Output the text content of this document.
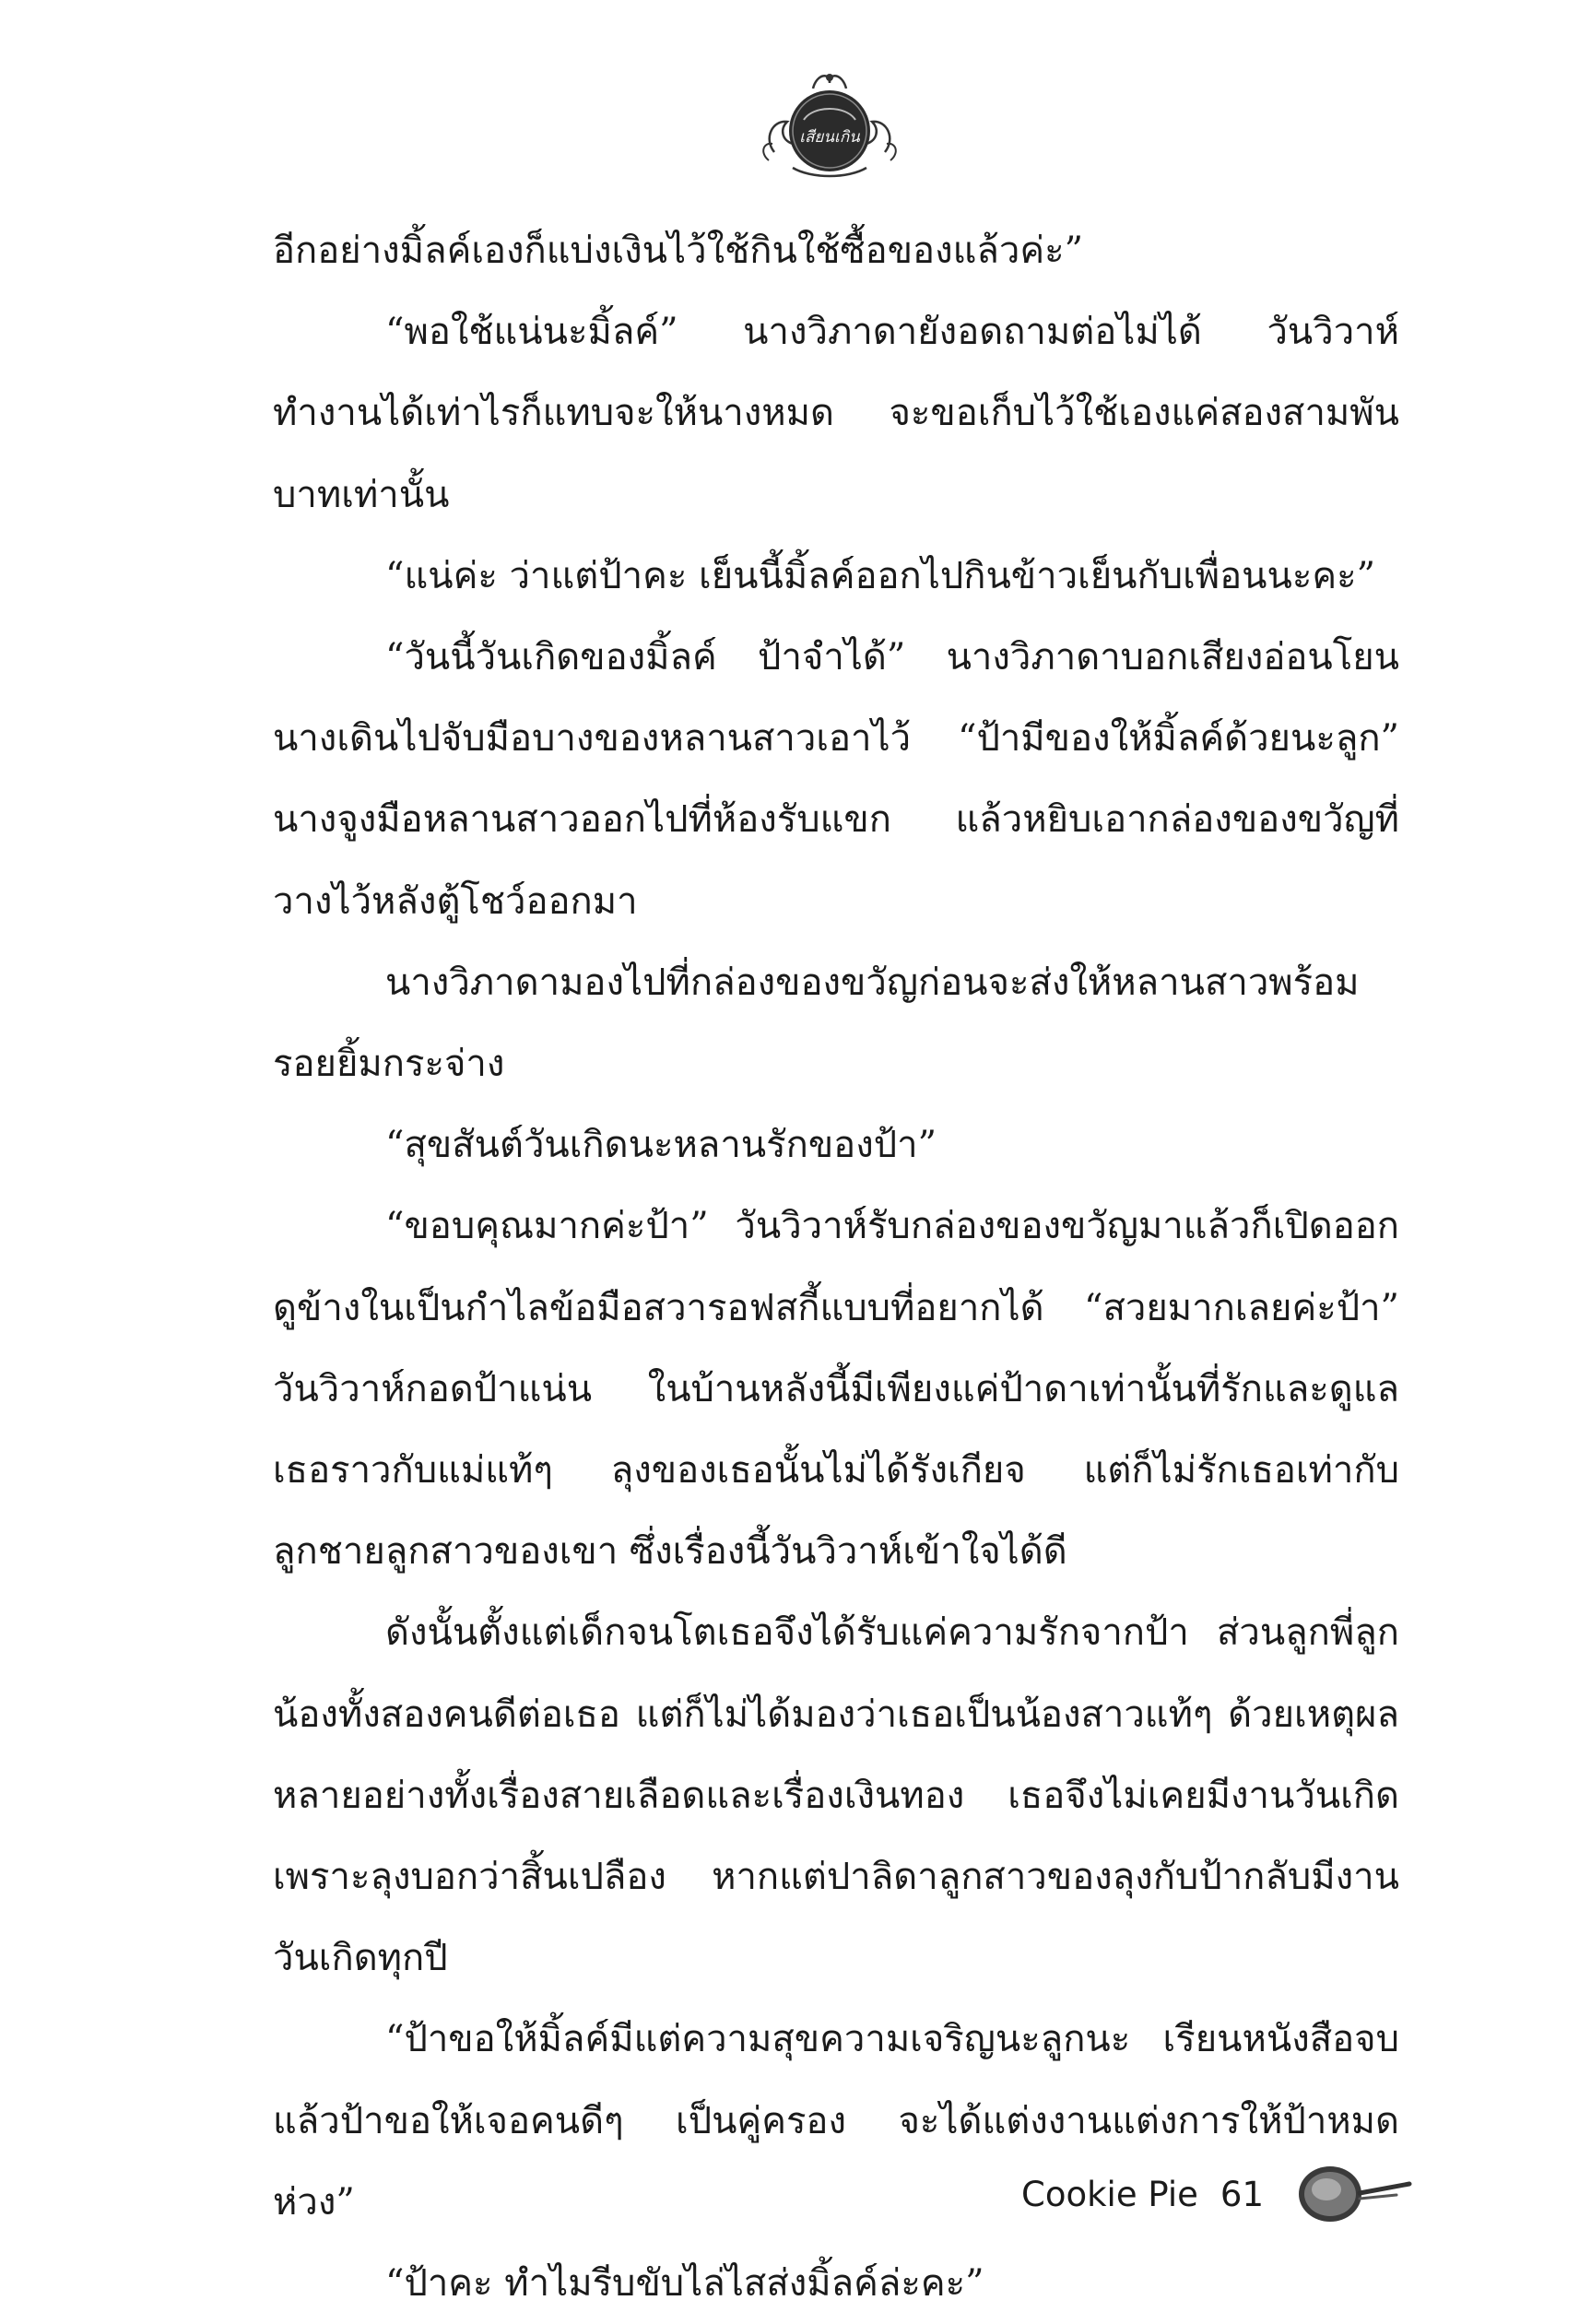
เสียนเกิน

อีกอย่างมิ้ลค์เองก็แบ่งเงินไว้ใช้กินใช้ซื้อของแล้วค่ะ”

“พอใช้แน่นะมิ้ลค์” นางวิภาดายังอดถามต่อไม่ได้ วันวิวาห์ทำงานได้เท่าไรก็แทบจะให้นางหมด จะขอเก็บไว้ใช้เองแค่สองสามพันบาทเท่านั้น

“แน่ค่ะ ว่าแต่ป้าคะ เย็นนี้มิ้ลค์ออกไปกินข้าวเย็นกับเพื่อนนะคะ”

“วันนี้วันเกิดของมิ้ลค์ ป้าจำได้” นางวิภาดาบอกเสียงอ่อนโยน นางเดินไปจับมือบางของหลานสาวเอาไว้ “ป้ามีของให้มิ้ลค์ด้วยนะลูก” นางจูงมือหลานสาวออกไปที่ห้องรับแขก แล้วหยิบเอากล่องของขวัญที่วางไว้หลังตู้โชว์ออกมา

นางวิภาดามองไปที่กล่องของขวัญก่อนจะส่งให้หลานสาวพร้อมรอยยิ้มกระจ่าง

“สุขสันต์วันเกิดนะหลานรักของป้า”

“ขอบคุณมากค่ะป้า” วันวิวาห์รับกล่องของขวัญมาแล้วก็เปิดออกดูข้างในเป็นกำไลข้อมือสวารอฟสกี้แบบที่อยากได้ “สวยมากเลยค่ะป้า” วันวิวาห์กอดป้าแน่น ในบ้านหลังนี้มีเพียงแค่ป้าดาเท่านั้นที่รักและดูแลเธอราวกับแม่แท้ๆ ลุงของเธอนั้นไม่ได้รังเกียจ แต่ก็ไม่รักเธอเท่ากับลูกชายลูกสาวของเขา ซึ่งเรื่องนี้วันวิวาห์เข้าใจได้ดี

ดังนั้นตั้งแต่เด็กจนโตเธอจึงได้รับแค่ความรักจากป้า ส่วนลูกพี่ลูกน้องทั้งสองคนดีต่อเธอ แต่ก็ไม่ได้มองว่าเธอเป็นน้องสาวแท้ๆ ด้วยเหตุผลหลายอย่างทั้งเรื่องสายเลือดและเรื่องเงินทอง เธอจึงไม่เคยมีงานวันเกิด เพราะลุงบอกว่าสิ้นเปลือง หากแต่ปาลิดาลูกสาวของลุงกับป้ากลับมีงานวันเกิดทุกปี

“ป้าขอให้มิ้ลค์มีแต่ความสุขความเจริญนะลูกนะ เรียนหนังสือจบแล้วป้าขอให้เจอคนดีๆ เป็นคู่ครอง จะได้แต่งงานแต่งการให้ป้าหมดห่วง”

“ป้าคะ ทำไมรีบขับไล่ไสส่งมิ้ลค์ล่ะคะ”

Cookie Pie 61
